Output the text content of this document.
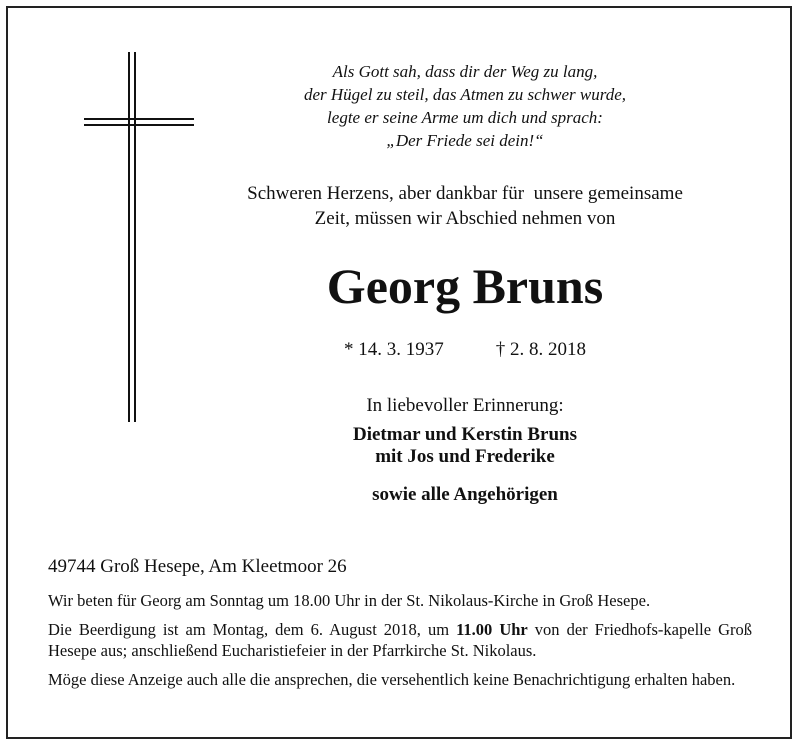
Als Gott sah, dass dir der Weg zu lang,
der Hügel zu steil, das Atmen zu schwer wurde,
legte er seine Arme um dich und sprach:
„Der Friede sei dein!“
Schweren Herzens, aber dankbar für  unsere gemeinsame
Zeit, müssen wir Abschied nehmen von
Georg Bruns
* 14. 3. 1937	† 2. 8. 2018
In liebevoller Erinnerung:
Dietmar und Kerstin Bruns
mit Jos und Frederike
sowie alle Angehörigen
49744 Groß Hesepe, Am Kleetmoor 26
Wir beten für Georg am Sonntag um 18.00 Uhr in der St. Nikolaus-Kirche in Groß Hesepe.
Die Beerdigung ist am Montag, dem 6. August 2018, um 11.00 Uhr von der Friedhofs-kapelle Groß Hesepe aus; anschließend Eucharistiefeier in der Pfarrkirche St. Nikolaus.
Möge diese Anzeige auch alle die ansprechen, die versehentlich keine Benachrichtigung erhalten haben.
